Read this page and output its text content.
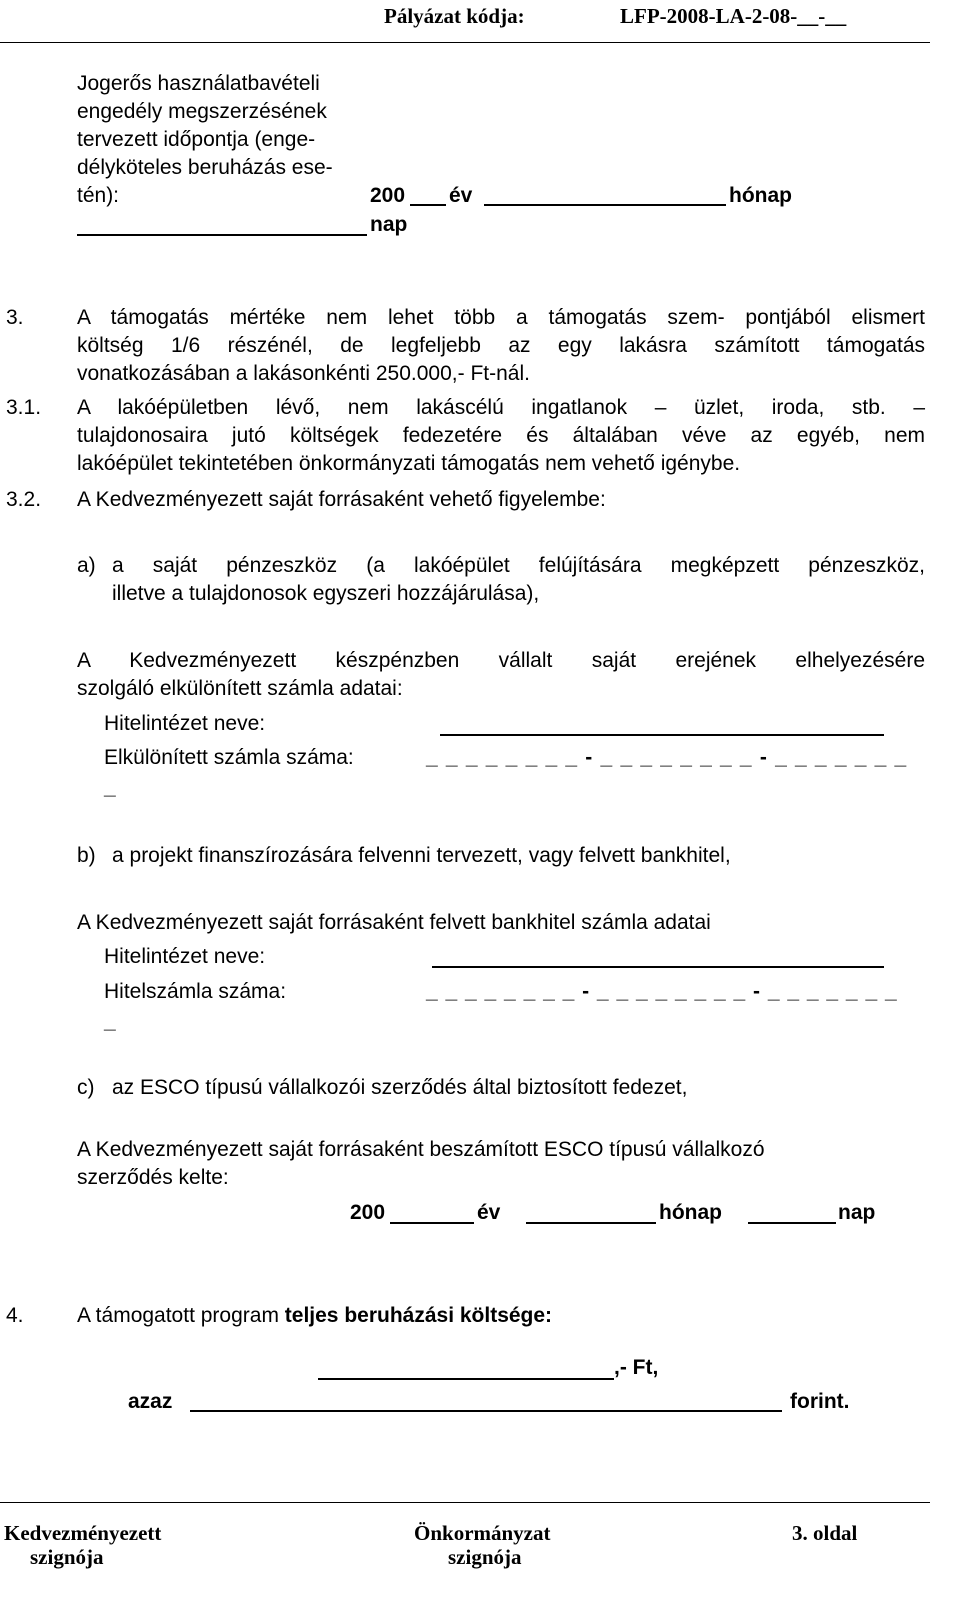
Pályázat kódja:	LFP-2008-LA-2-08-__-__
Jogerős használatbavételi
engedély megszerzésének
tervezett időpontja (enge-
délyköteles beruházás ese-
tén):	200 év	hónap
nap
3.	A támogatás mértéke nem lehet több a támogatás szem- pontjából elismert
költség 1/6 részénél, de legfeljebb az egy lakásra számított támogatás
vonatkozásában a lakásonkénti 250.000,- Ft-nál.
3.1. A lakóépületben lévő, nem lakáscélú ingatlanok – üzlet, iroda, stb. –
tulajdonosaira jutó költségek fedezetére és általában véve az egyéb, nem
lakóépület tekintetében önkormányzati támogatás nem vehető igénybe.
3.2. A Kedvezményezett saját forrásaként vehető figyelembe:
a) a saját pénzeszköz (a lakóépület felújítására megképzett pénzeszköz,
illetve a tulajdonosok egyszeri hozzájárulása),
A Kedvezményezett készpénzben vállalt saját erejének elhelyezésére
szolgáló elkülönített számla adatai:
Hitelintézet neve:
Elkülönített számla száma:	_ _ _ _ _ _ _ _ - _ _ _ _ _ _ _ _ - _ _ _ _ _ _ _
_
b) a projekt finanszírozására felvenni tervezett, vagy felvett bankhitel,
A Kedvezményezett saját forrásaként felvett bankhitel számla adatai
Hitelintézet neve:
Hitelszámla száma:	_ _ _ _ _ _ _ _ - _ _ _ _ _ _ _ _ - _ _ _ _ _ _ _
_
c) az ESCO típusú vállalkozói szerződés által biztosított fedezet,
A Kedvezményezett saját forrásaként beszámított ESCO típusú vállalkozó
szerződés kelte:
200	év	hónap	nap
4.	A támogatott program teljes beruházási költsége:
,- Ft,
azaz	forint.
Kedvezményezett
szignója
Önkormányzat
szignója
3. oldal
